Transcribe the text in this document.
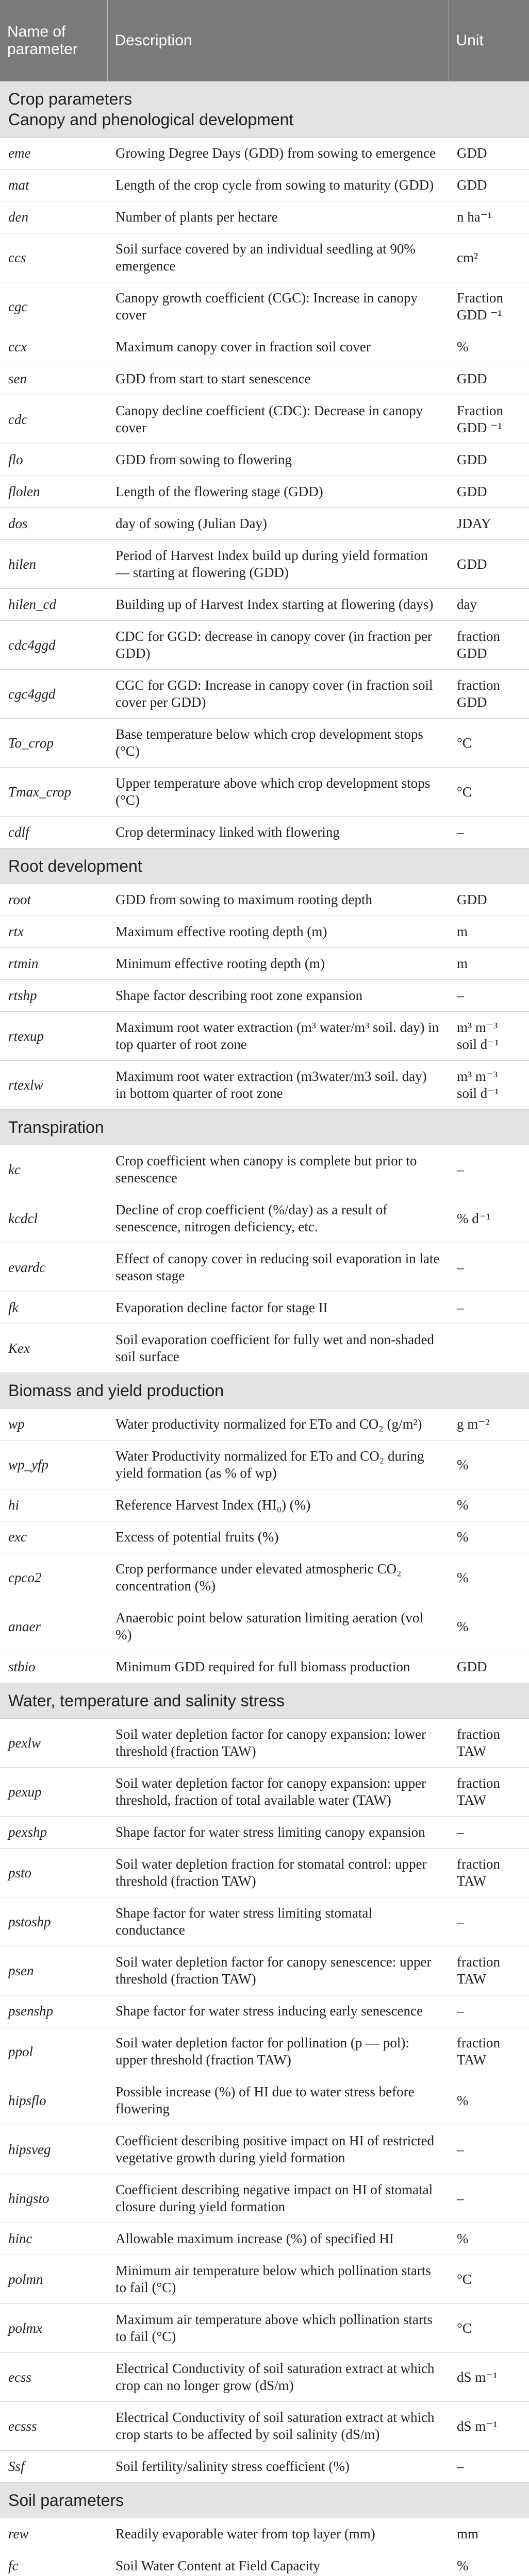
Name of parameter	Description	Unit

Crop parameters
Canopy and phenological development		

eme	Growing Degree Days (GDD) from sowing to emergence	GDD
mat	Length of the crop cycle from sowing to maturity (GDD)	GDD
den	Number of plants per hectare	n ha⁻¹
ccs	Soil surface covered by an individual seedling at 90% emergence	cm²
cgc	Canopy growth coefficient (CGC): Increase in canopy cover	Fraction GDD ⁻¹
ccx	Maximum canopy cover in fraction soil cover	%
sen	GDD from start to start senescence	GDD
cdc	Canopy decline coefficient (CDC): Decrease in canopy cover	Fraction GDD ⁻¹
flo	GDD from sowing to flowering	GDD
flolen	Length of the flowering stage (GDD)	GDD
dos	day of sowing (Julian Day)	JDAY
hilen	Period of Harvest Index build up during yield formation — starting at flowering (GDD)	GDD
hilen_cd	Building up of Harvest Index starting at flowering (days)	day
cdc4ggd	CDC for GGD: decrease in canopy cover (in fraction per GDD)	fraction GDD
cgc4ggd	CGC for GGD: Increase in canopy cover (in fraction soil cover per GDD)	fraction GDD
To_crop	Base temperature below which crop development stops (°C)	°C
Tmax_crop	Upper temperature above which crop development stops (°C)	°C
cdlf	Crop determinacy linked with flowering	–

Root development		

root	GDD from sowing to maximum rooting depth	GDD
rtx	Maximum effective rooting depth (m)	m
rtmin	Minimum effective rooting depth (m)	m
rtshp	Shape factor describing root zone expansion	–
rtexup	Maximum root water extraction (m³ water/m³ soil. day) in top quarter of root zone	m³ m⁻³ soil d⁻¹
rtexlw	Maximum root water extraction (m3water/m3 soil. day) in bottom quarter of root zone	m³ m⁻³ soil d⁻¹

Transpiration		

kc	Crop coefficient when canopy is complete but prior to senescence	–
kcdcl	Decline of crop coefficient (%/day) as a result of senescence, nitrogen deficiency, etc.	% d⁻¹
evardc	Effect of canopy cover in reducing soil evaporation in late season stage	–
fk	Evaporation decline factor for stage II	–
Kex	Soil evaporation coefficient for fully wet and non-shaded soil surface	

Biomass and yield production		

wp	Water productivity normalized for ETo and CO₂ (g/m²)	g m⁻²
wp_yfp	Water Productivity normalized for ETo and CO₂ during yield formation (as % of wp)	%
hi	Reference Harvest Index (HI₀) (%)	%
exc	Excess of potential fruits (%)	%
cpco2	Crop performance under elevated atmospheric CO₂ concentration (%)	%
anaer	Anaerobic point below saturation limiting aeration (vol %)	%
stbio	Minimum GDD required for full biomass production	GDD

Water, temperature and salinity stress		

pexlw	Soil water depletion factor for canopy expansion: lower threshold (fraction TAW)	fraction TAW
pexup	Soil water depletion factor for canopy expansion: upper threshold, fraction of total available water (TAW)	fraction TAW
pexshp	Shape factor for water stress limiting canopy expansion	–
psto	Soil water depletion fraction for stomatal control: upper threshold (fraction TAW)	fraction TAW
pstoshp	Shape factor for water stress limiting stomatal conductance	–
psen	Soil water depletion factor for canopy senescence: upper threshold (fraction TAW)	fraction TAW
psenshp	Shape factor for water stress inducing early senescence	–
ppol	Soil water depletion factor for pollination (p — pol): upper threshold (fraction TAW)	fraction TAW
hipsflo	Possible increase (%) of HI due to water stress before flowering	%
hipsveg	Coefficient describing positive impact on HI of restricted vegetative growth during yield formation	–
hingsto	Coefficient describing negative impact on HI of stomatal closure during yield formation	–
hinc	Allowable maximum increase (%) of specified HI	%
polmn	Minimum air temperature below which pollination starts to fail (°C)	°C
polmx	Maximum air temperature above which pollination starts to fail (°C)	°C
ecss	Electrical Conductivity of soil saturation extract at which crop can no longer grow (dS/m)	dS m⁻¹
ecsss	Electrical Conductivity of soil saturation extract at which crop starts to be affected by soil salinity (dS/m)	dS m⁻¹
Ssf	Soil fertility/salinity stress coefficient (%)	–

Soil parameters		

rew	Readily evaporable water from top layer (mm)	mm
fc	Soil Water Content at Field Capacity	%
